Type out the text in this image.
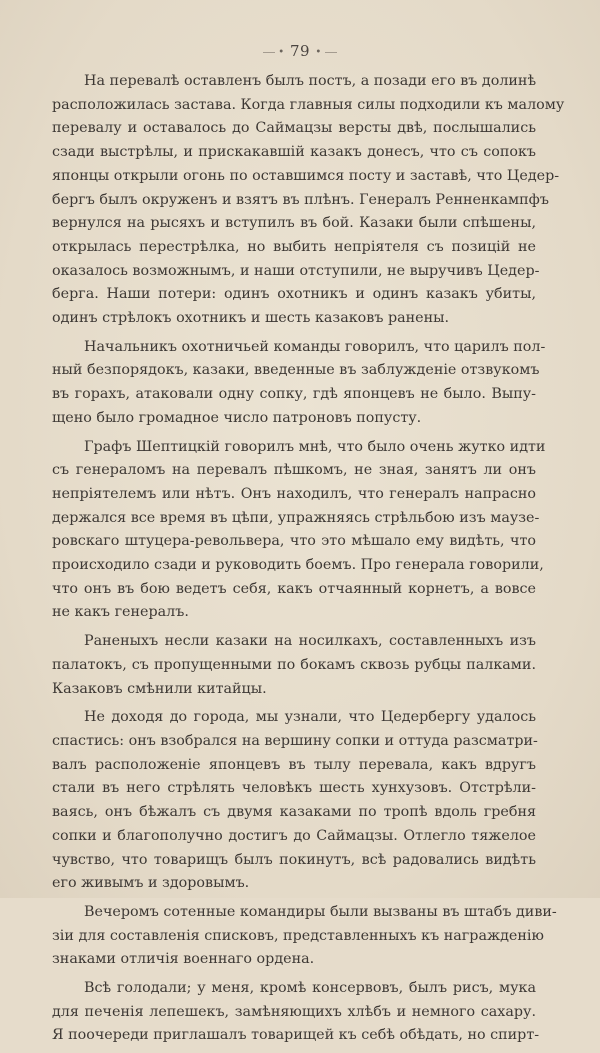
• 79 •
На перевалѣ оставленъ былъ постъ, а позади его въ долинѣ
расположилась застава. Когда главныя силы подходили къ малому
перевалу и оставалось до Саймацзы версты двѣ, послышались
сзади выстрѣлы, и прискакавшій казакъ донесъ, что съ сопокъ
японцы открыли огонь по оставшимся посту и заставѣ, что Цедер-
бергъ былъ окруженъ и взятъ въ плѣнъ. Генералъ Ренненкампфъ
вернулся на рысяхъ и вступилъ въ бой. Казаки были спѣшены,
открылась перестрѣлка, но выбить непріятеля съ позицій не
оказалось возможнымъ, и наши отступили, не выручивъ Цедер-
берга. Наши потери: одинъ охотникъ и одинъ казакъ убиты,
одинъ стрѣлокъ охотникъ и шесть казаковъ ранены.
Начальникъ охотничьей команды говорилъ, что царилъ пол-
ный безпорядокъ, казаки, введенные въ заблужденіе отзвукомъ
въ горахъ, атаковали одну сопку, гдѣ японцевъ не было. Выпу-
щено было громадное число патроновъ попусту.
Графъ Шептицкій говорилъ мнѣ, что было очень жутко идти
съ генераломъ на перевалъ пѣшкомъ, не зная, занятъ ли онъ
непріятелемъ или нѣтъ. Онъ находилъ, что генералъ напрасно
держался все время въ цѣпи, упражняясь стрѣльбою изъ маузе-
ровскаго штуцера-револьвера, что это мѣшало ему видѣть, что
происходило сзади и руководить боемъ. Про генерала говорили,
что онъ въ бою ведетъ себя, какъ отчаянный корнетъ, а вовсе
не какъ генералъ.
Раненыхъ несли казаки на носилкахъ, составленныхъ изъ
палатокъ, съ пропущенными по бокамъ сквозь рубцы палками.
Казаковъ смѣнили китайцы.
Не доходя до города, мы узнали, что Цедербергу удалось
спастись: онъ взобрался на вершину сопки и оттуда разсматри-
валъ расположеніе японцевъ въ тылу перевала, какъ вдругъ
стали въ него стрѣлять человѣкъ шесть хунхузовъ. Отстрѣли-
ваясь, онъ бѣжалъ съ двумя казаками по тропѣ вдоль гребня
сопки и благополучно достигъ до Саймацзы. Отлегло тяжелое
чувство, что товарищъ былъ покинутъ, всѣ радовались видѣть
его живымъ и здоровымъ.
Вечеромъ сотенные командиры были вызваны въ штабъ диви-
зіи для составленія списковъ, представленныхъ къ награжденію
знаками отличія военнаго ордена.
Всѣ голодали; у меня, кромѣ консервовъ, былъ рисъ, мука
для печенія лепешекъ, замѣняющихъ хлѣбъ и немного сахару.
Я поочереди приглашалъ товарищей къ себѣ обѣдать, но спирт-
